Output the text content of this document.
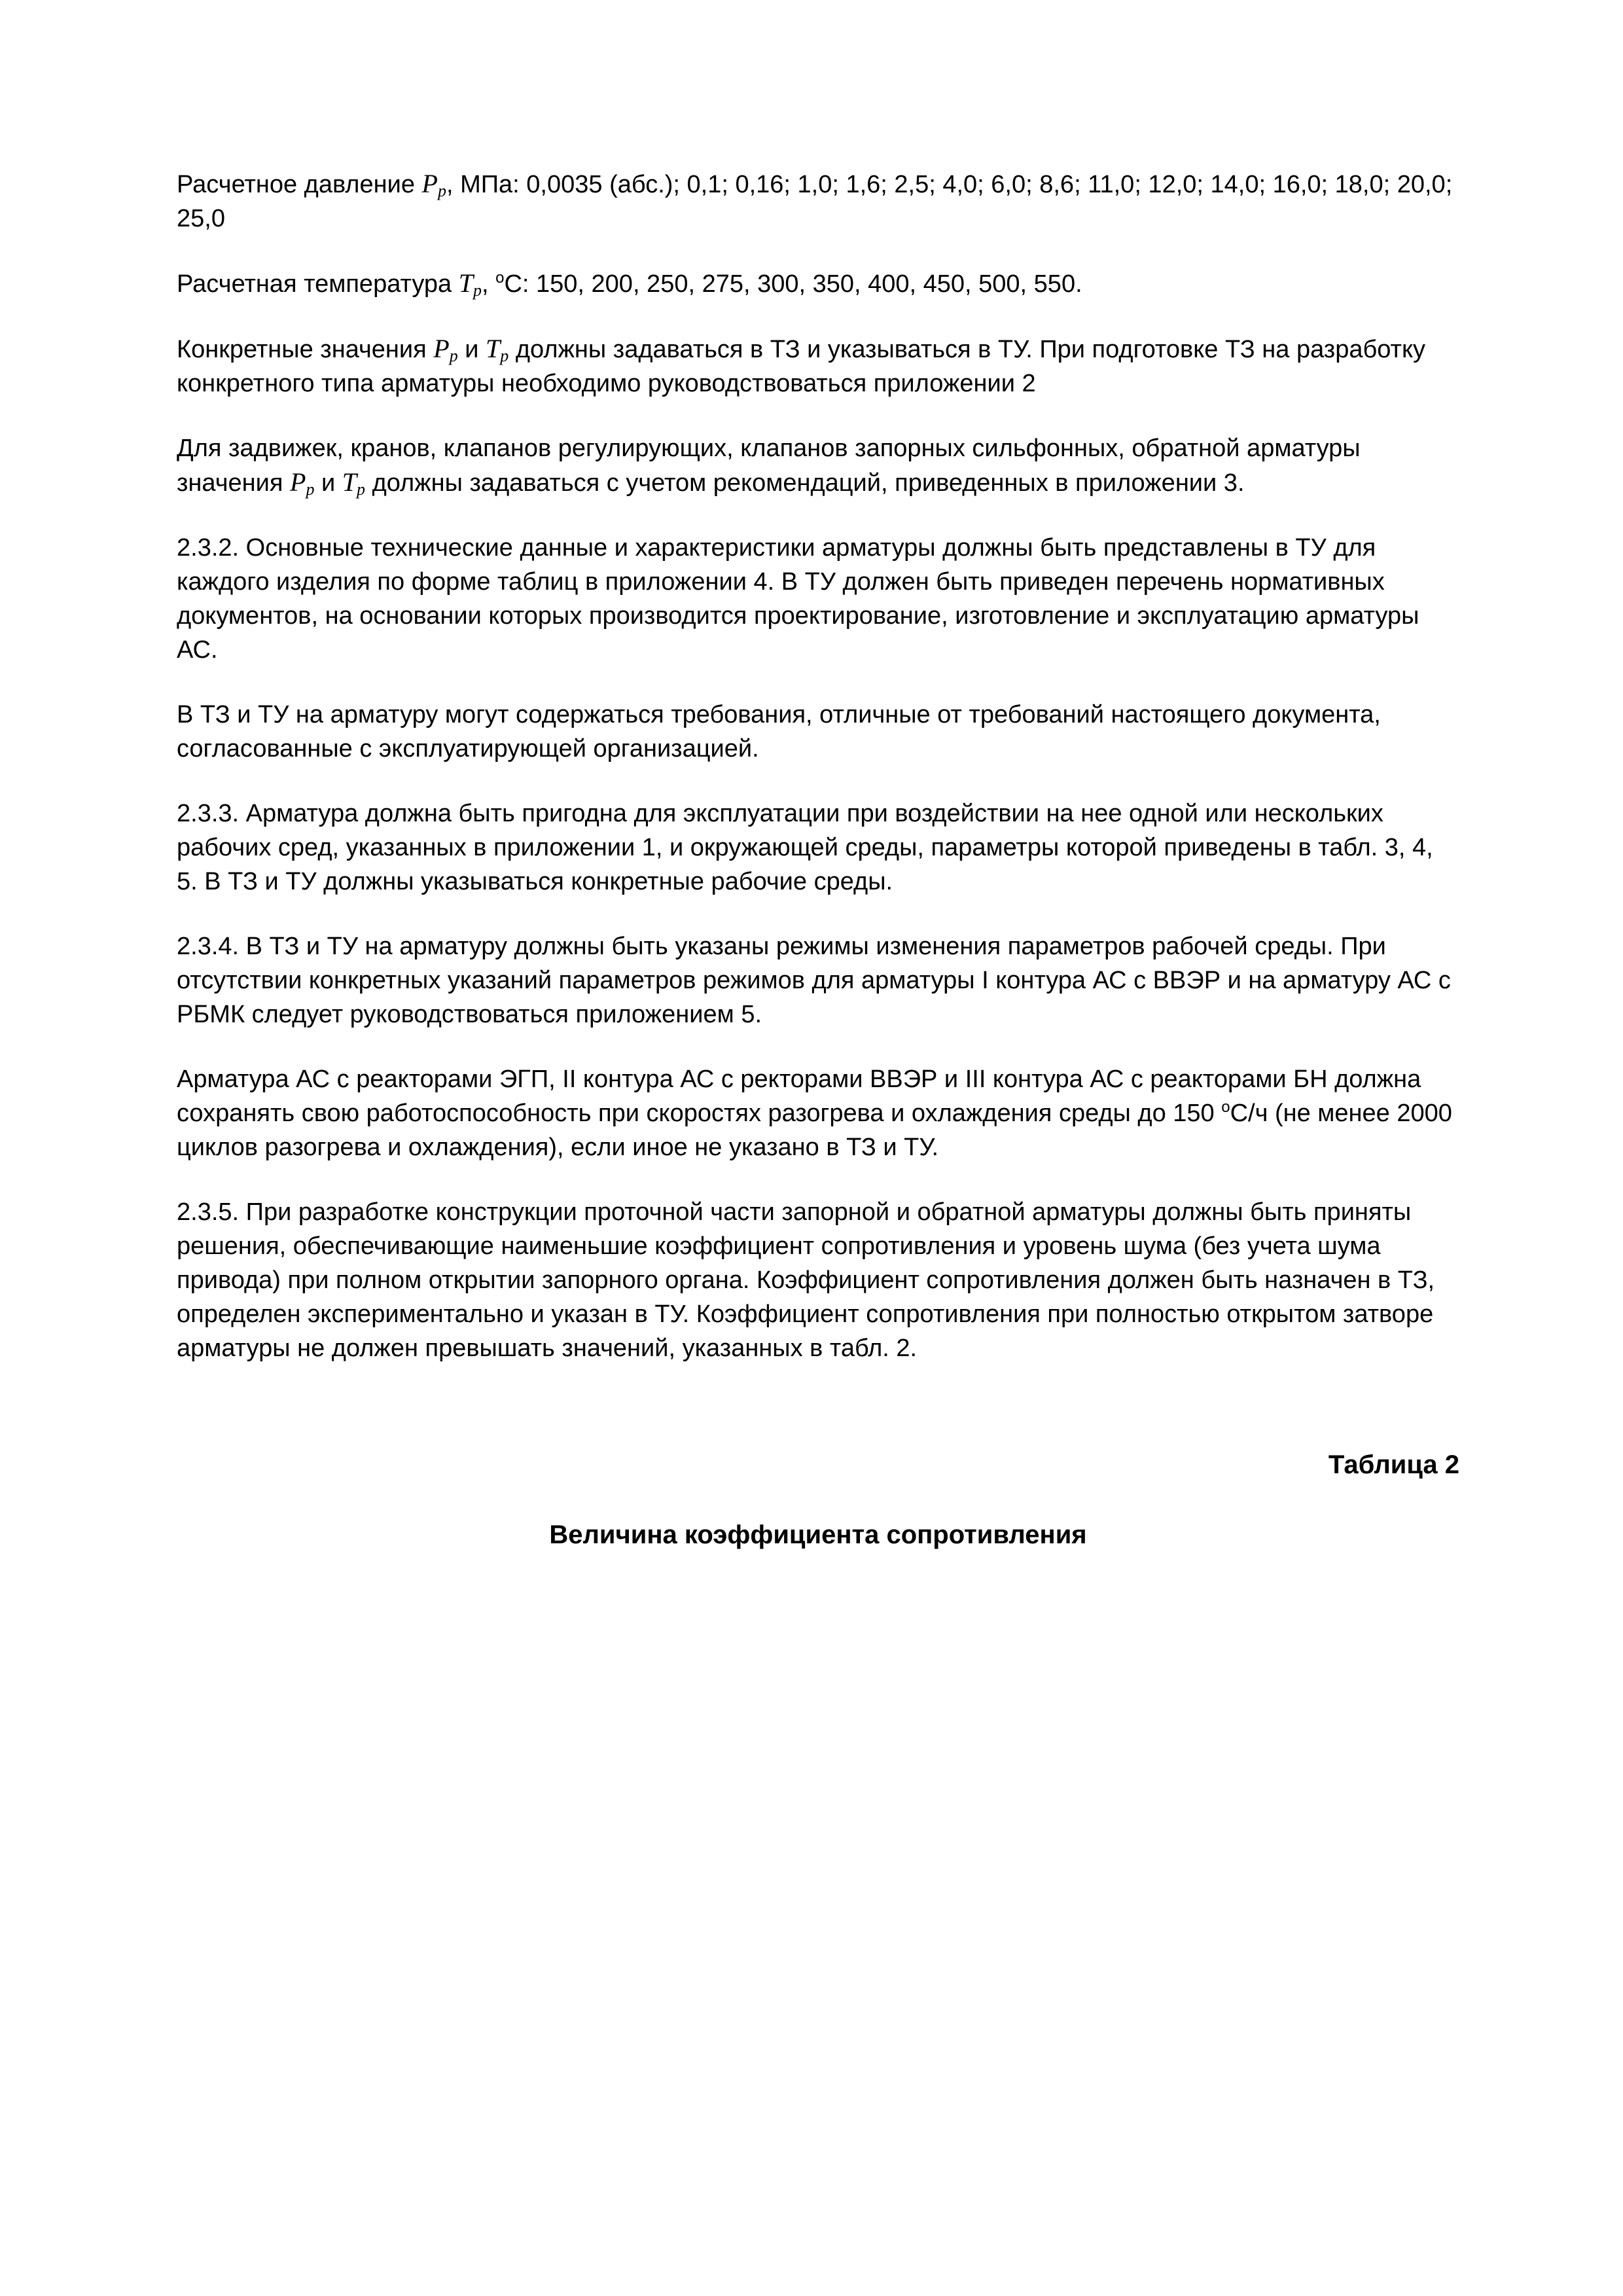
Расчетное давление $P_p$, МПа: 0,0035 (абс.); 0,1; 0,16; 1,0; 1,6; 2,5; 4,0; 6,0; 8,6; 11,0; 12,0; 14,0; 16,0; 18,0; 20,0; 25,0

Расчетная температура $T_p$, $^o$С: 150, 200, 250, 275, 300, 350, 400, 450, 500, 550.

Конкретные значения $P_p$ и $T_p$ должны задаваться в ТЗ и указываться в ТУ. При подготовке ТЗ на разработку конкретного типа арматуры необходимо руководствоваться приложении 2

Для задвижек, кранов, клапанов регулирующих, клапанов запорных сильфонных, обратной арматуры значения $P_p$ и $T_p$ должны задаваться с учетом рекомендаций, приведенных в приложении 3.

2.3.2. Основные технические данные и характеристики арматуры должны быть представлены в ТУ для каждого изделия по форме таблиц в приложении 4. В ТУ должен быть приведен перечень нормативных документов, на основании которых производится проектирование, изготовление и эксплуатацию арматуры АС.

В ТЗ и ТУ на арматуру могут содержаться требования, отличные от требований настоящего документа, согласованные с эксплуатирующей организацией.

2.3.3. Арматура должна быть пригодна для эксплуатации при воздействии на нее одной или нескольких рабочих сред, указанных в приложении 1, и окружающей среды, параметры которой приведены в табл. 3, 4, 5. В ТЗ и ТУ должны указываться конкретные рабочие среды.

2.3.4. В ТЗ и ТУ на арматуру должны быть указаны режимы изменения параметров рабочей среды. При отсутствии конкретных указаний параметров режимов для арматуры I контура АС с ВВЭР и на арматуру АС с РБМК следует руководствоваться приложением 5.

Арматура АС с реакторами ЭГП, II контура АС с ректорами ВВЭР и III контура АС с реакторами БН должна сохранять свою работоспособность при скоростях разогрева и охлаждения среды до 150 $^o$С/ч (не менее 2000 циклов разогрева и охлаждения), если иное не указано в ТЗ и ТУ.

2.3.5. При разработке конструкции проточной части запорной и обратной арматуры должны быть приняты решения, обеспечивающие наименьшие коэффициент сопротивления и уровень шума (без учета шума привода) при полном открытии запорного органа. Коэффициент сопротивления должен быть назначен в ТЗ, определен экспериментально и указан в ТУ. Коэффициент сопротивления при полностью открытом затворе арматуры не должен превышать значений, указанных в табл. 2.

Таблица 2
Величина коэффициента сопротивления
